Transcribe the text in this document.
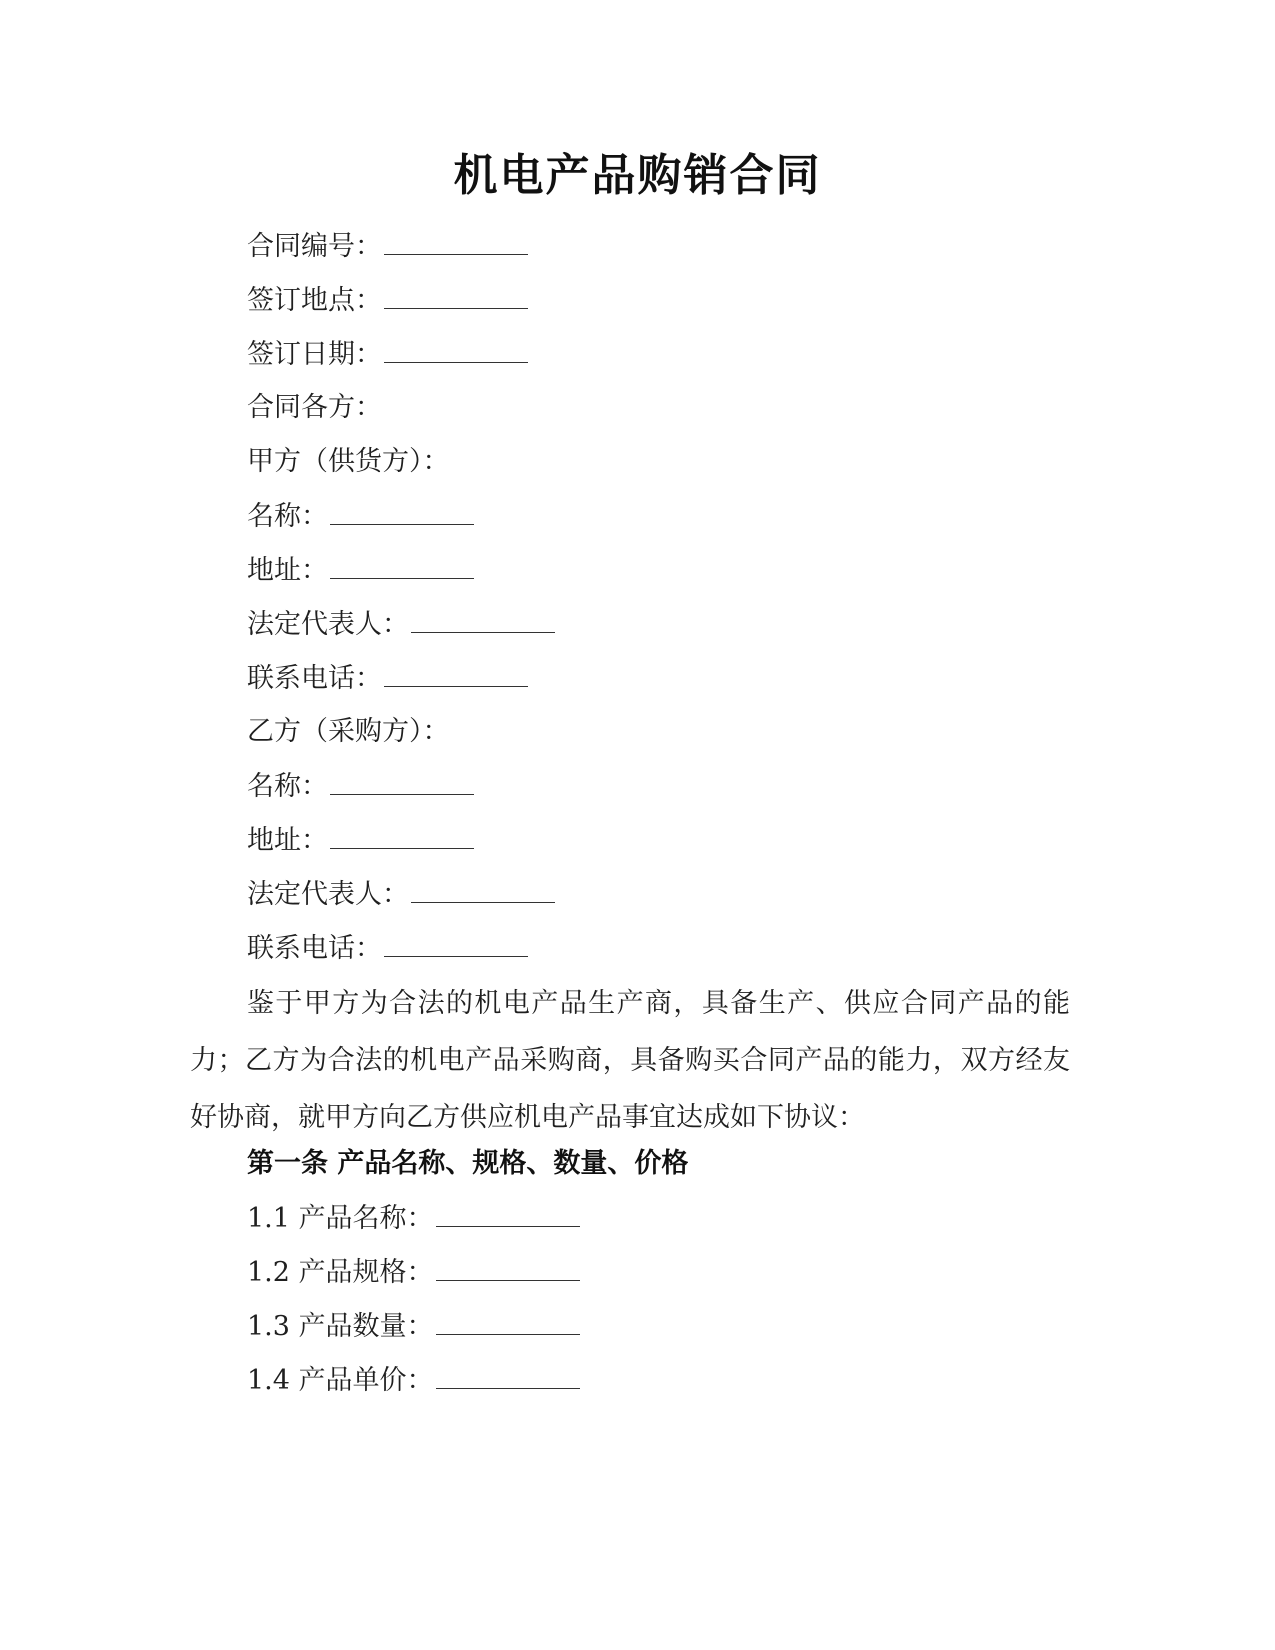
机电产品购销合同
合同编号：
签订地点：
签订日期：
合同各方：
甲方（供货方）：
名称：
地址：
法定代表人：
联系电话：
乙方（采购方）：
名称：
地址：
法定代表人：
联系电话：
鉴于甲方为合法的机电产品生产商，具备生产、供应合同产品的能力；乙方为合法的机电产品采购商，具备购买合同产品的能力，双方经友好协商，就甲方向乙方供应机电产品事宜达成如下协议：
第一条 产品名称、规格、数量、价格
1.1 产品名称：
1.2 产品规格：
1.3 产品数量：
1.4 产品单价：
